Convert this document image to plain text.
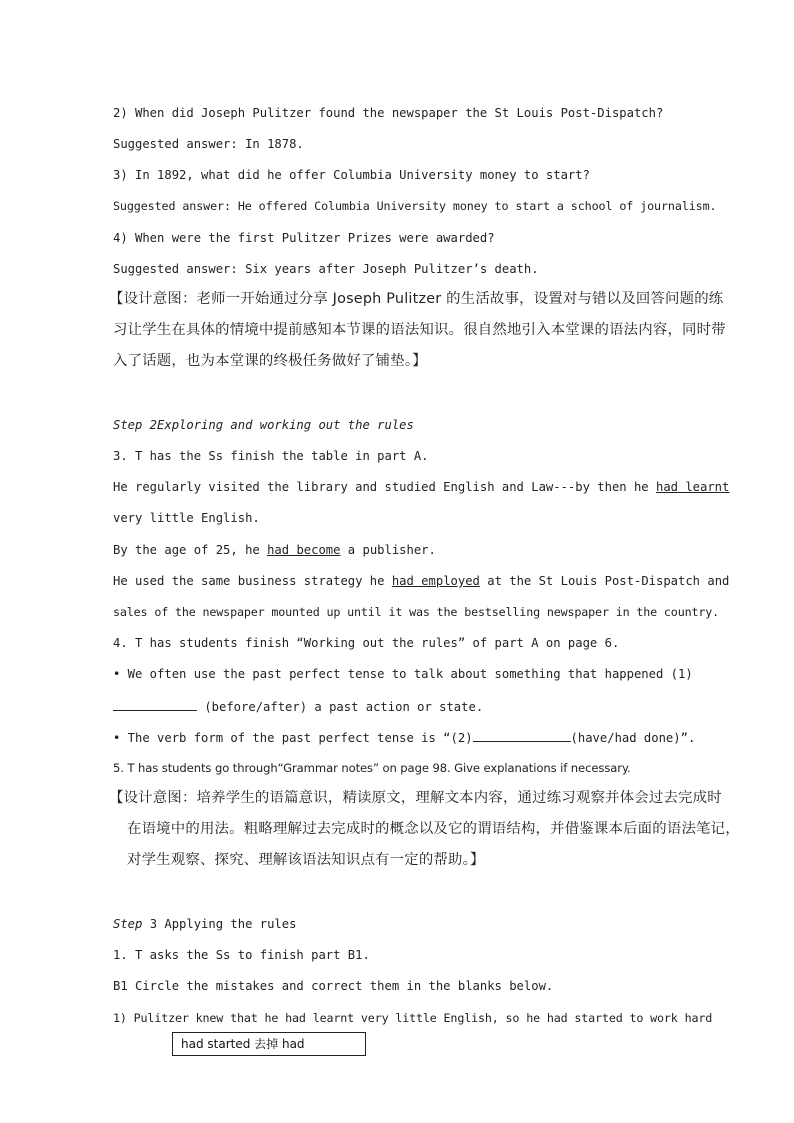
2) When did Joseph Pulitzer found the newspaper the St Louis Post-Dispatch?
Suggested answer: In 1878.
3) In 1892, what did he offer Columbia University money to start?
Suggested answer: He offered Columbia University money to start a school of journalism.
4) When were the first Pulitzer Prizes were awarded?
Suggested answer: Six years after Joseph Pulitzer’s death.
【设计意图：老师一开始通过分享 Joseph Pulitzer 的生活故事，设置对与错以及回答问题的练
习让学生在具体的情境中提前感知本节课的语法知识。很自然地引入本堂课的语法内容，同时带
入了话题，也为本堂课的终极任务做好了铺垫。】
Step 2Exploring and working out the rules
3. T has the Ss finish the table in part A.
He regularly visited the library and studied English and Law---by then he had learnt
very little English.
By the age of 25, he had become a publisher.
He used the same business strategy he had employed at the St Louis Post-Dispatch and
sales of the newspaper mounted up until it was the bestselling newspaper in the country.
4. T has students finish “Working out the rules” of part A on page 6.
• We often use the past perfect tense to talk about something that happened (1)
(before/after) a past action or state.
• The verb form of the past perfect tense is “(2)	(have/had done)”.
5. T has students go through“Grammar notes” on page 98. Give explanations if necessary.
【设计意图：培养学生的语篇意识，精读原文，理解文本内容，通过练习观察并体会过去完成时
在语境中的用法。粗略理解过去完成时的概念以及它的谓语结构，并借鉴课本后面的语法笔记，
对学生观察、探究、理解该语法知识点有一定的帮助。】
Step 3 Applying the rules
1. T asks the Ss to finish part B1.
B1 Circle the mistakes and correct them in the blanks below.
1) Pulitzer knew that he had learnt very little English, so he had started to work hard
had started 去掉 had
